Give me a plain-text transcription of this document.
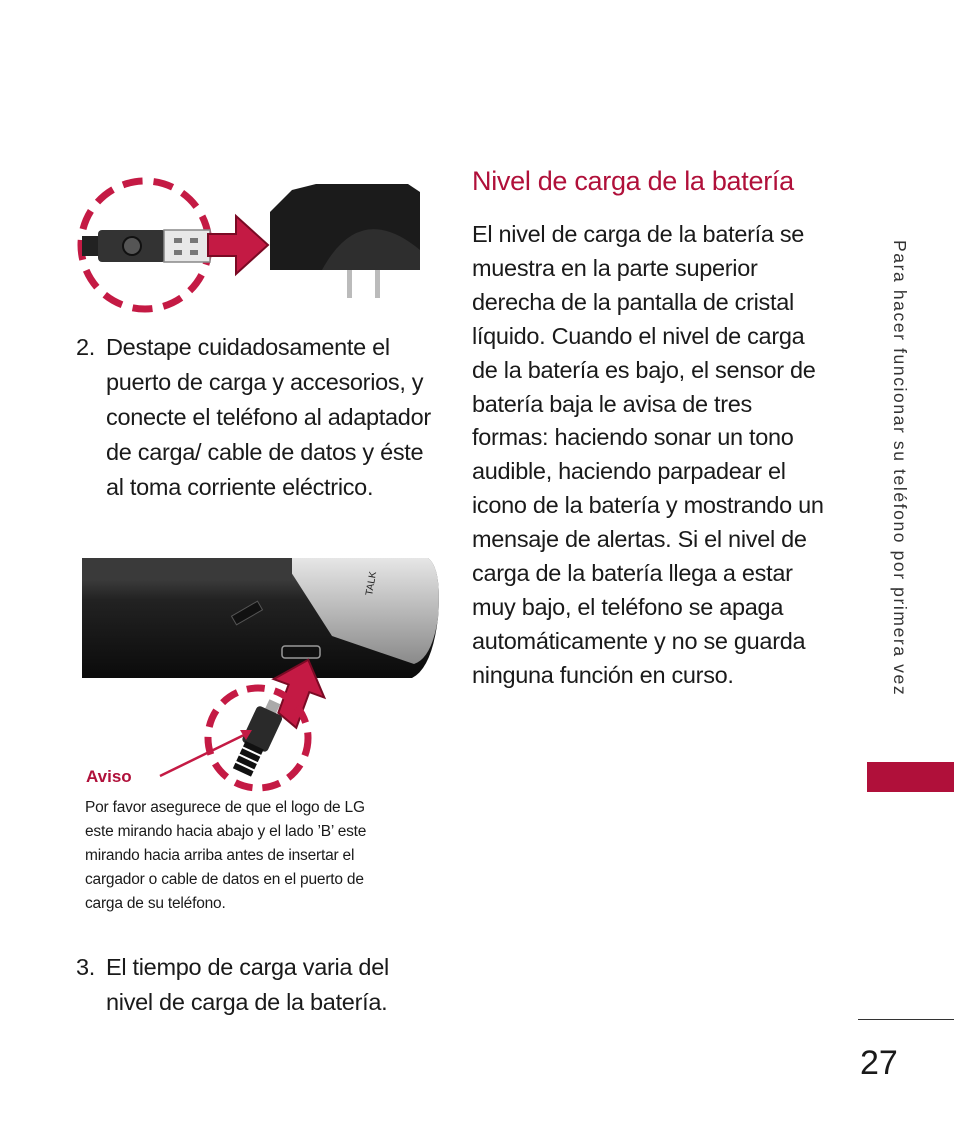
TALK
Nivel de carga de la batería
El nivel de carga de la batería se muestra en la parte superior derecha de la pantalla de cristal líquido. Cuando el nivel de carga de la batería es bajo, el sensor de batería baja le avisa de tres formas: haciendo sonar un tono audible, haciendo parpadear el icono de la batería y mostrando un mensaje de alertas. Si el nivel de carga de la batería llega a estar muy bajo, el teléfono se apaga automáticamente y no se guarda ninguna función en curso.
2. Destape cuidadosamente el puerto de carga y accesorios, y conecte el teléfono al adaptador de carga/ cable de datos y éste al toma corriente eléctrico.
Aviso
Por favor asegurece de que el logo de LG este mirando hacia abajo y el lado ’B’ este mirando hacia arriba antes de insertar el cargador o cable de datos en el puerto de carga de su teléfono.
3. El tiempo de carga varia del nivel de carga de la batería.
Para hacer funcionar su teléfono por primera vez
27
